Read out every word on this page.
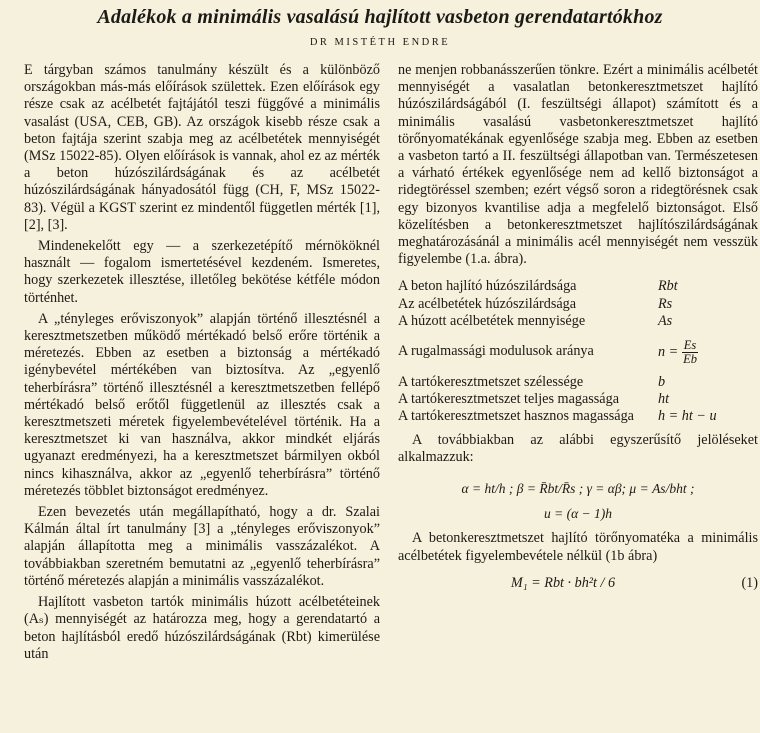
Adalékok a minimális vasalású hajlított vasbeton gerendatartókhoz
DR MISTÉTH ENDRE

E tárgyban számos tanulmány készült és a különböző országokban más-más előírások születtek. Ezen előírások egy része csak az acélbetét fajtájától teszi függővé a minimális vasalást (USA, CEB, GB). Az országok kisebb része csak a beton fajtája szerint szabja meg az acélbetétek mennyiségét (MSz 15022-85). Olyen előírások is vannak, ahol ez az mérték a beton húzószilárdságának és az acélbetét húzószilárdságának hányadosától függ (CH, F, MSz 15022-83). Végül a KGST szerint ez mindentől független mérték [1], [2], [3].

Mindenekelőtt egy — a szerkezetépítő mérnököknél használt — fogalom ismertetésével kezdeném. Ismeretes, hogy szerkezetek illesztése, illetőleg bekötése kétféle módon történhet.

A „tényleges erőviszonyok” alapján történő illesztésnél a keresztmetszetben működő mértékadó belső erőre történik a méretezés. Ebben az esetben a biztonság a mértékadó igénybevétel mértékében van biztosítva. Az „egyenlő teherbírásra” történő illesztésnél a keresztmetszetben fellépő mértékadó belső erőtől függetlenül az illesztés csak a keresztmetszeti méretek figyelembevételével történik. Ha a keresztmetszet ki van használva, akkor mindkét eljárás ugyanazt eredményezi, ha a keresztmetszet bármilyen okból nincs kihasználva, akkor az „egyenlő teherbírásra” történő méretezés többlet biztonságot eredményez.

Ezen bevezetés után megállapítható, hogy a dr. Szalai Kálmán által írt tanulmány [3] a „tényleges erőviszonyok” alapján állapította meg a minimális vasszázalékot. A továbbiakban szeretném bemutatni az „egyenlő teherbírásra” történő méretezés alapján a minimális vasszázalékot.

Hajlított vasbeton tartók minimális húzott acélbetéteinek (Aₛ) mennyiségét az határozza meg, hogy a gerendatartó a beton hajlításból eredő húzószilárdságának (Rbt) kimerülése után

ne menjen robbanásszerűen tönkre. Ezért a minimális acélbetét mennyiségét a vasalatlan betonkeresztmetszet hajlító húzószilárdságából (I. feszültségi állapot) számított és a minimális vasalású vasbetonkeresztmetszet hajlító törőnyomatékának egyenlősége szabja meg. Ebben az esetben a vasbeton tartó a II. feszültségi állapotban van. Természetesen a várható értékek egyenlősége nem ad kellő biztonságot a ridegtöréssel szemben; ezért végső soron a ridegtörésnek csak egy bizonyos kvantilise adja a megfelelő biztonságot. Első közelítésben a betonkeresztmetszet hajlítószilárdságának meghatározásánál a minimális acél mennyiségét nem vesszük figyelembe (1.a. ábra).

A beton hajlító húzószilárdsága	Rbt
Az acélbetétek húzószilárdsága	Rs
A húzott acélbetétek mennyisége	As
A rugalmassági modulusok aránya	$n = \frac{Es}{Eb}$
A tartókeresztmetszet szélessége	b
A tartókeresztmetszet teljes magassága	ht
A tartókeresztmetszet hasznos magassága	h = ht − u

A továbbiakban az alábbi egyszerűsítő jelöléseket alkalmazzuk:

α = ht/h ; β = R̄bt/R̄s ; γ = αβ; μ = As/bht ;
u = (α − 1)h

A betonkeresztmetszet hajlító törőnyomatéka a minimális acélbetétek figyelembevétele nélkül (1b ábra)

M₁ = Rbt · bh²t / 6	(1)
